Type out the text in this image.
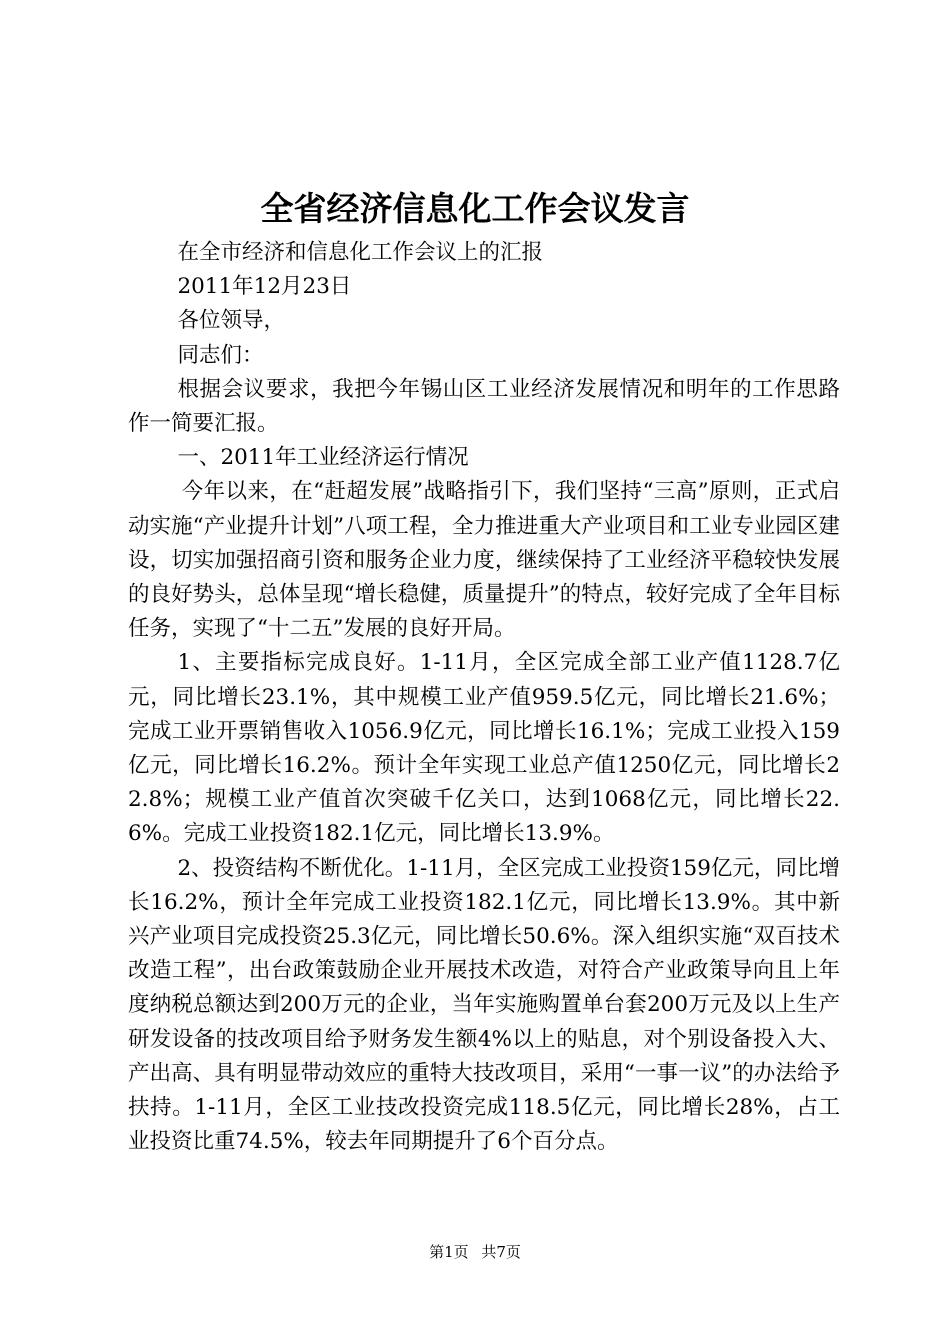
全省经济信息化工作会议发言

在全市经济和信息化工作会议上的汇报

2011年12月23日

各位领导，

同志们：

根据会议要求，我把今年锡山区工业经济发展情况和明年的工作思路作一简要汇报。

一、2011年工业经济运行情况

今年以来，在“赶超发展”战略指引下，我们坚持“三高”原则，正式启动实施“产业提升计划”八项工程，全力推进重大产业项目和工业专业园区建设，切实加强招商引资和服务企业力度，继续保持了工业经济平稳较快发展的良好势头，总体呈现“增长稳健，质量提升”的特点，较好完成了全年目标任务，实现了“十二五”发展的良好开局。

1、主要指标完成良好。1-11月，全区完成全部工业产值1128.7亿元，同比增长23.1%，其中规模工业产值959.5亿元，同比增长21.6%；完成工业开票销售收入1056.9亿元，同比增长16.1%；完成工业投入159亿元，同比增长16.2%。预计全年实现工业总产值1250亿元，同比增长22.8%；规模工业产值首次突破千亿关口，达到1068亿元，同比增长22.6%。完成工业投资182.1亿元，同比增长13.9%。

2、投资结构不断优化。1-11月，全区完成工业投资159亿元，同比增长16.2%，预计全年完成工业投资182.1亿元，同比增长13.9%。其中新兴产业项目完成投资25.3亿元，同比增长50.6%。深入组织实施“双百技术改造工程”，出台政策鼓励企业开展技术改造，对符合产业政策导向且上年度纳税总额达到200万元的企业，当年实施购置单台套200万元及以上生产研发设备的技改项目给予财务发生额4%以上的贴息，对个别设备投入大、产出高、具有明显带动效应的重特大技改项目，采用“一事一议”的办法给予扶持。1-11月，全区工业技改投资完成118.5亿元，同比增长28%，占工业投资比重74.5%，较去年同期提升了6个百分点。

第1页 共7页
